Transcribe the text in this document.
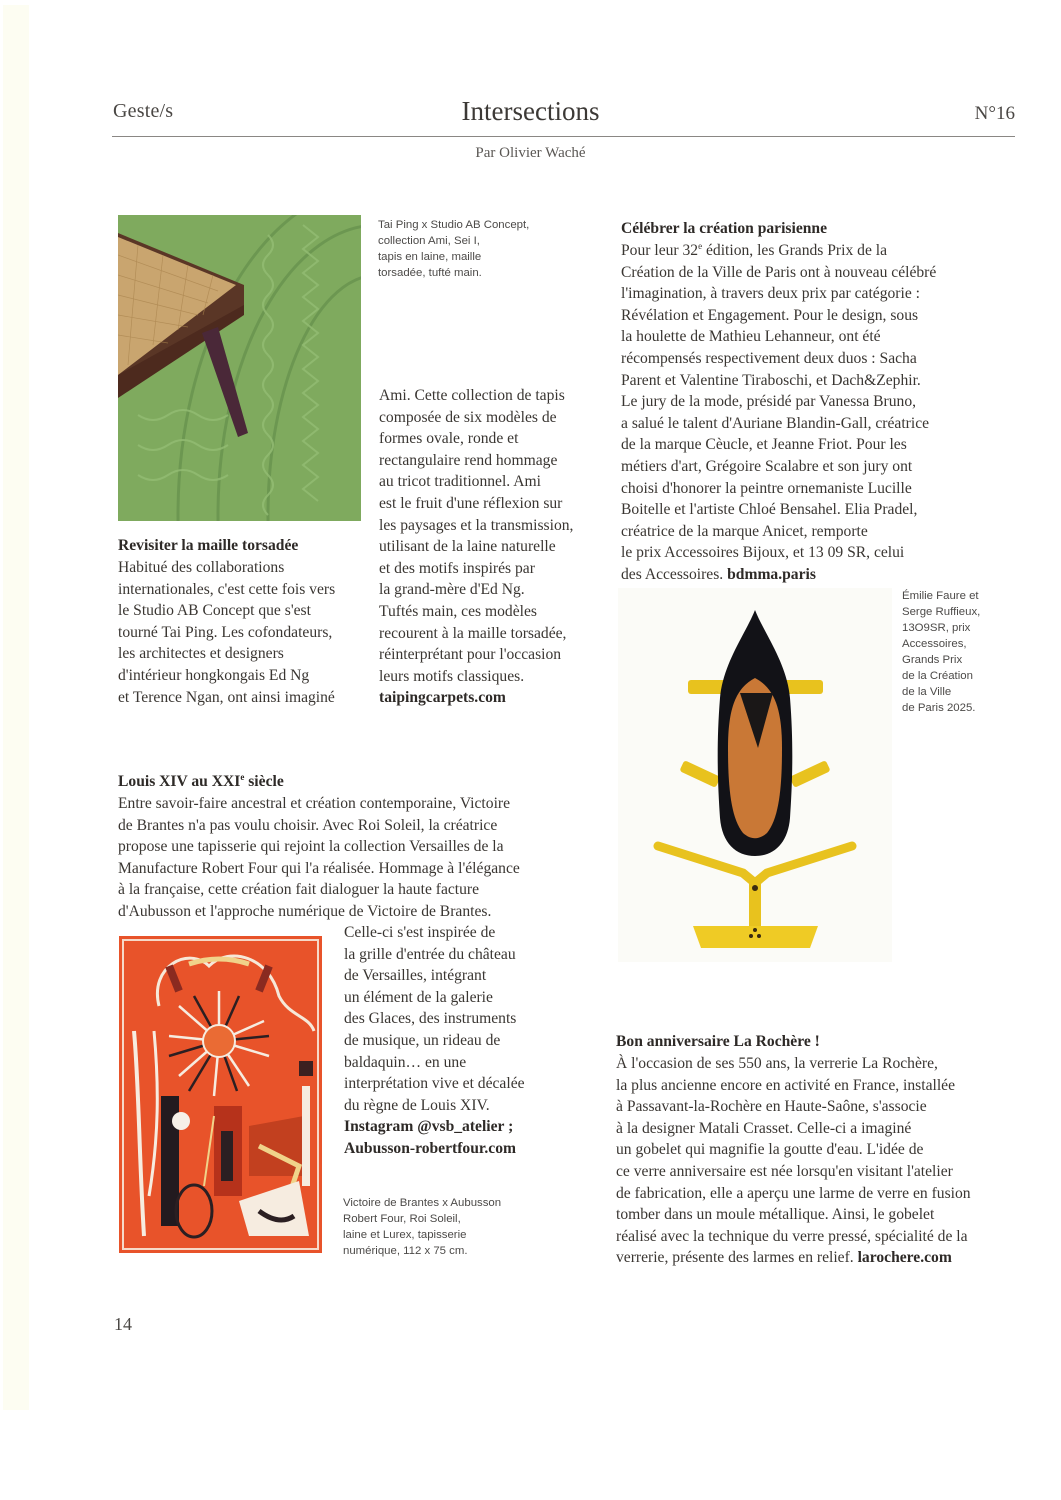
Geste/s	Intersections	N°16
Par Olivier Waché
Tai Ping x Studio AB Concept,
collection Ami, Sei I,
tapis en laine, maille
torsadée, tufté main.
Revisiter la maille torsadée
Habitué des collaborations
internationales, c'est cette fois vers
le Studio AB Concept que s'est
tourné Tai Ping. Les cofondateurs,
les architectes et designers
d'intérieur hongkongais Ed Ng
et Terence Ngan, ont ainsi imaginé
Ami. Cette collection de tapis
composée de six modèles de
formes ovale, ronde et
rectangulaire rend hommage
au tricot traditionnel. Ami
est le fruit d'une réflexion sur
les paysages et la transmission,
utilisant de la laine naturelle
et des motifs inspirés par
la grand-mère d'Ed Ng.
Tuftés main, ces modèles
recourent à la maille torsadée,
réinterprétant pour l'occasion
leurs motifs classiques.
taipingcarpets.com
Célébrer la création parisienne
Pour leur 32e édition, les Grands Prix de la
Création de la Ville de Paris ont à nouveau célébré
l'imagination, à travers deux prix par catégorie :
Révélation et Engagement. Pour le design, sous
la houlette de Mathieu Lehanneur, ont été
récompensés respectivement deux duos : Sacha
Parent et Valentine Tiraboschi, et Dach&Zephir.
Le jury de la mode, présidé par Vanessa Bruno,
a salué le talent d'Auriane Blandin-Gall, créatrice
de la marque Cèucle, et Jeanne Friot. Pour les
métiers d'art, Grégoire Scalabre et son jury ont
choisi d'honorer la peintre ornemaniste Lucille
Boitelle et l'artiste Chloé Bensahel. Elia Pradel,
créatrice de la marque Anicet, remporte
le prix Accessoires Bijoux, et 13 09 SR, celui
des Accessoires. bdmma.paris
Émilie Faure et
Serge Ruffieux,
13O9SR, prix
Accessoires,
Grands Prix
de la Création
de la Ville
de Paris 2025.
Louis XIV au XXIe siècle
Entre savoir-faire ancestral et création contemporaine, Victoire
de Brantes n'a pas voulu choisir. Avec Roi Soleil, la créatrice
propose une tapisserie qui rejoint la collection Versailles de la
Manufacture Robert Four qui l'a réalisée. Hommage à l'élégance
à la française, cette création fait dialoguer la haute facture
d'Aubusson et l'approche numérique de Victoire de Brantes.
Celle-ci s'est inspirée de
la grille d'entrée du château
de Versailles, intégrant
un élément de la galerie
des Glaces, des instruments
de musique, un rideau de
baldaquin… en une
interprétation vive et décalée
du règne de Louis XIV.
Instagram @vsb_atelier ;
Aubusson-robertfour.com
Victoire de Brantes x Aubusson
Robert Four, Roi Soleil,
laine et Lurex, tapisserie
numérique, 112 x 75 cm.
Bon anniversaire La Rochère !
À l'occasion de ses 550 ans, la verrerie La Rochère,
la plus ancienne encore en activité en France, installée
à Passavant-la-Rochère en Haute-Saône, s'associe
à la designer Matali Crasset. Celle-ci a imaginé
un gobelet qui magnifie la goutte d'eau. L'idée de
ce verre anniversaire est née lorsqu'en visitant l'atelier
de fabrication, elle a aperçu une larme de verre en fusion
tomber dans un moule métallique. Ainsi, le gobelet
réalisé avec la technique du verre pressé, spécialité de la
verrerie, présente des larmes en relief. larochere.com
14
